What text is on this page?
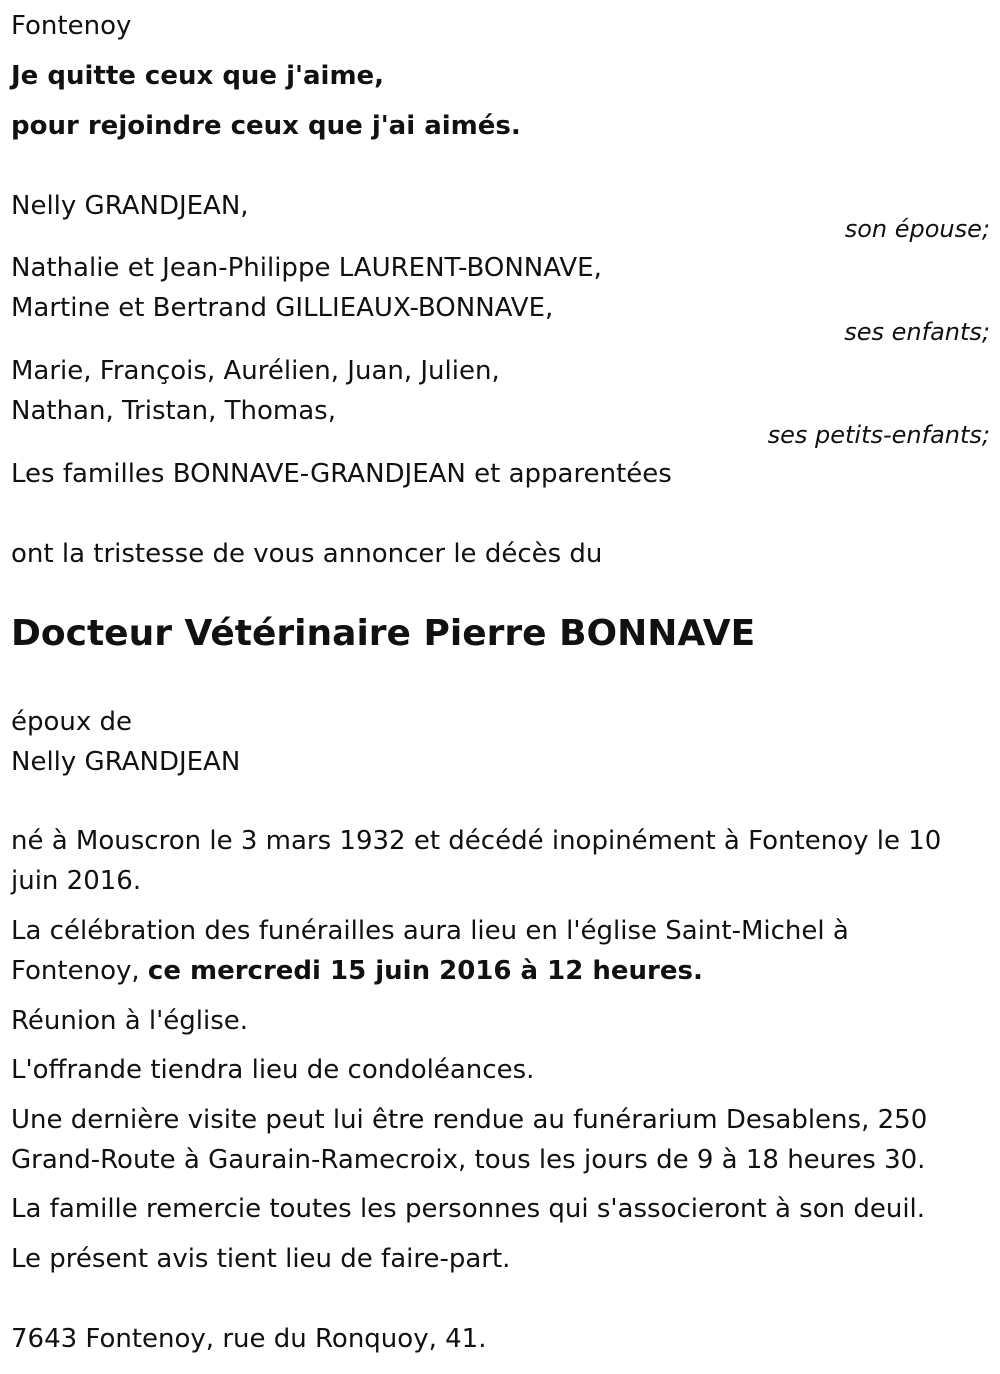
Fontenoy
Je quitte ceux que j'aime,
pour rejoindre ceux que j'ai aimés.
Nelly GRANDJEAN,
son épouse;
Nathalie et Jean-Philippe LAURENT-BONNAVE,
Martine et Bertrand GILLIEAUX-BONNAVE,
ses enfants;
Marie, François, Aurélien, Juan, Julien,
Nathan, Tristan, Thomas,
ses petits-enfants;
Les familles BONNAVE-GRANDJEAN et apparentées
ont la tristesse de vous annoncer le décès du
Docteur Vétérinaire Pierre BONNAVE
époux de
Nelly GRANDJEAN
né à Mouscron le 3 mars 1932 et décédé inopinément à Fontenoy le 10
juin 2016.
La célébration des funérailles aura lieu en l'église Saint-Michel à
Fontenoy, ce mercredi 15 juin 2016 à 12 heures.
Réunion à l'église.
L'offrande tiendra lieu de condoléances.
Une dernière visite peut lui être rendue au funérarium Desablens, 250
Grand-Route à Gaurain-Ramecroix, tous les jours de 9 à 18 heures 30.
La famille remercie toutes les personnes qui s'associeront à son deuil.
Le présent avis tient lieu de faire-part.
7643 Fontenoy, rue du Ronquoy, 41.
